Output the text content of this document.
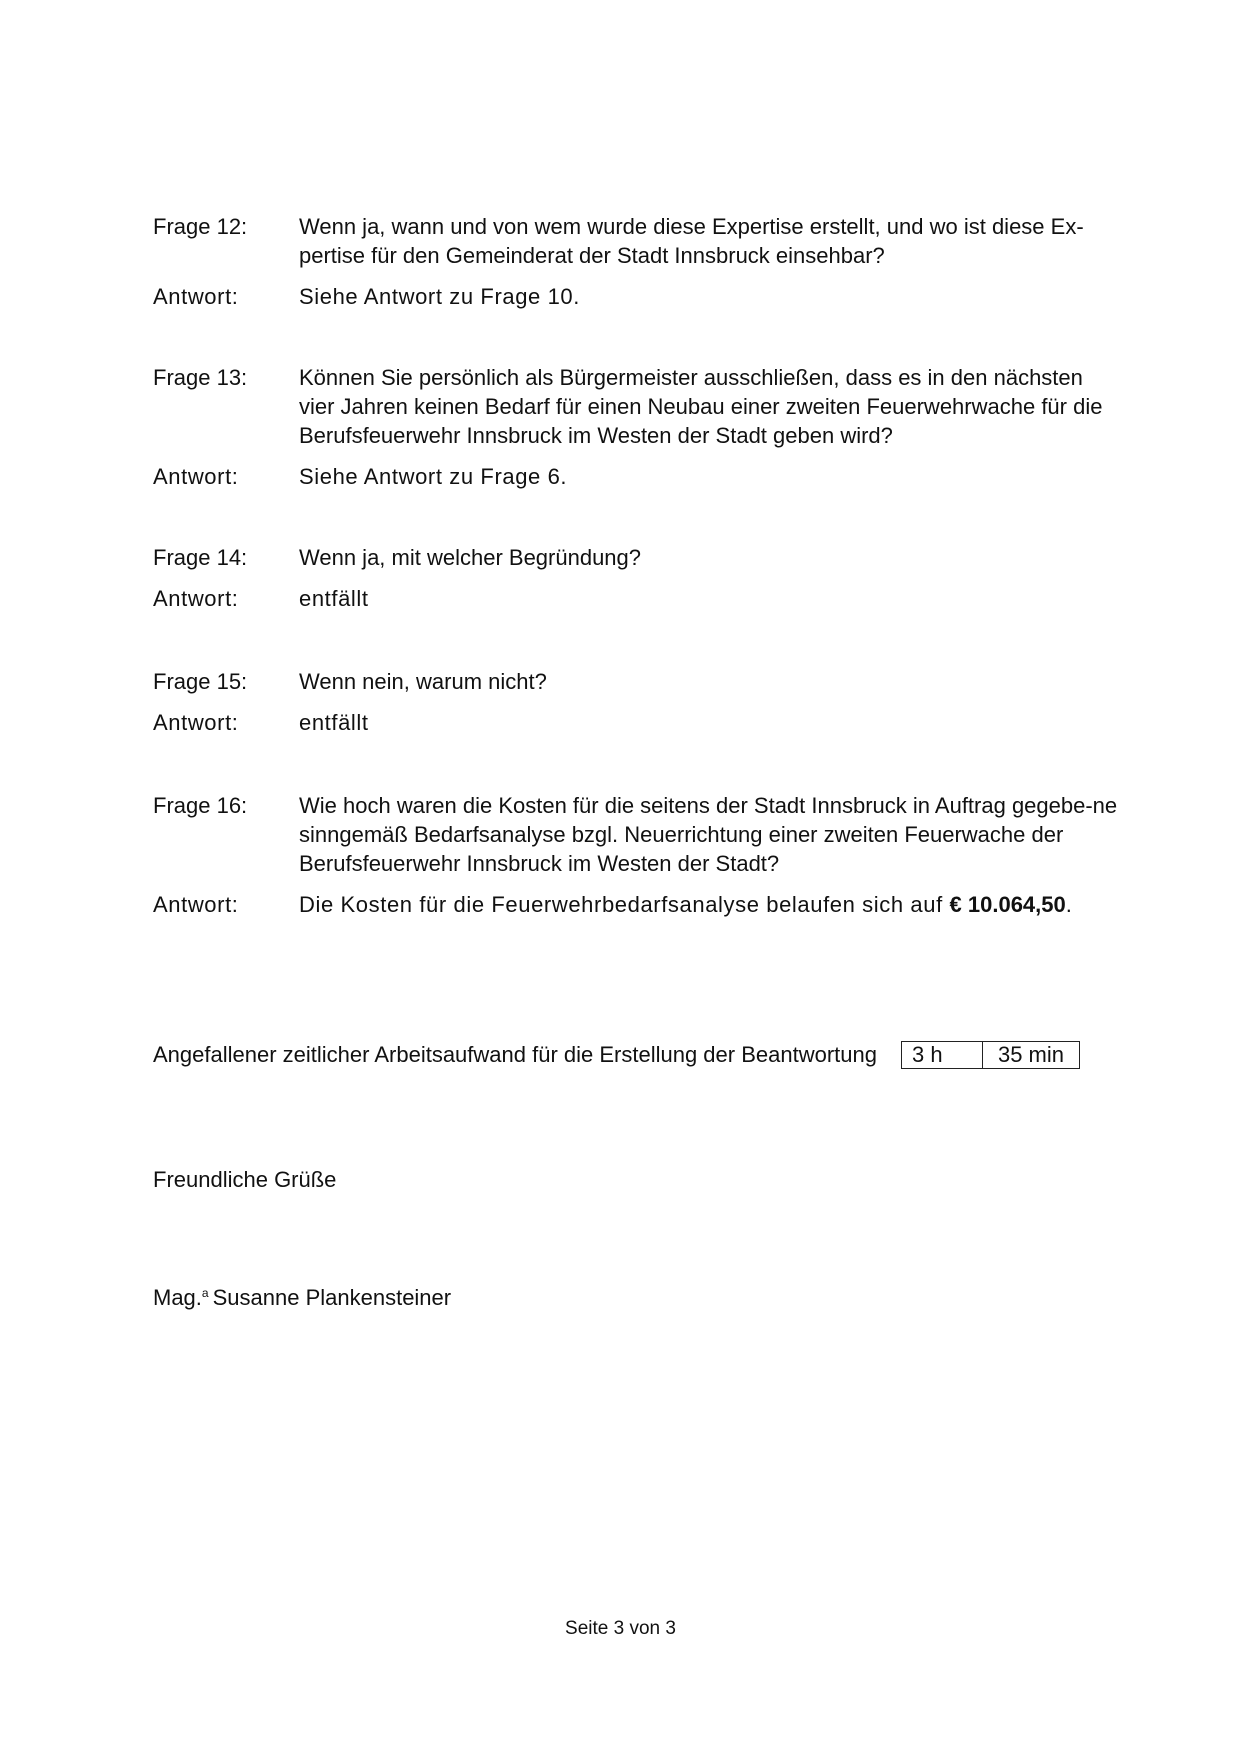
Frage 12:	Wenn ja, wann und von wem wurde diese Expertise erstellt, und wo ist diese Ex-pertise für den Gemeinderat der Stadt Innsbruck einsehbar?
Antwort:	Siehe Antwort zu Frage 10.
Frage 13:	Können Sie persönlich als Bürgermeister ausschließen, dass es in den nächsten vier Jahren keinen Bedarf für einen Neubau einer zweiten Feuerwehrwache für die Berufsfeuerwehr Innsbruck im Westen der Stadt geben wird?
Antwort:	Siehe Antwort zu Frage 6.
Frage 14:	Wenn ja, mit welcher Begründung?
Antwort:	entfällt
Frage 15:	Wenn nein, warum nicht?
Antwort:	entfällt
Frage 16:	Wie hoch waren die Kosten für die seitens der Stadt Innsbruck in Auftrag gegebe-ne sinngemäß Bedarfsanalyse bzgl. Neuerrichtung einer zweiten Feuerwache der Berufsfeuerwehr Innsbruck im Westen der Stadt?
Antwort:	Die Kosten für die Feuerwehrbedarfsanalyse belaufen sich auf € 10.064,50.
Angefallener zeitlicher Arbeitsaufwand für die Erstellung der Beantwortung	3 h	35 min
Freundliche Grüße
Mag.$^a$ Susanne Plankensteiner
Seite 3 von 3
